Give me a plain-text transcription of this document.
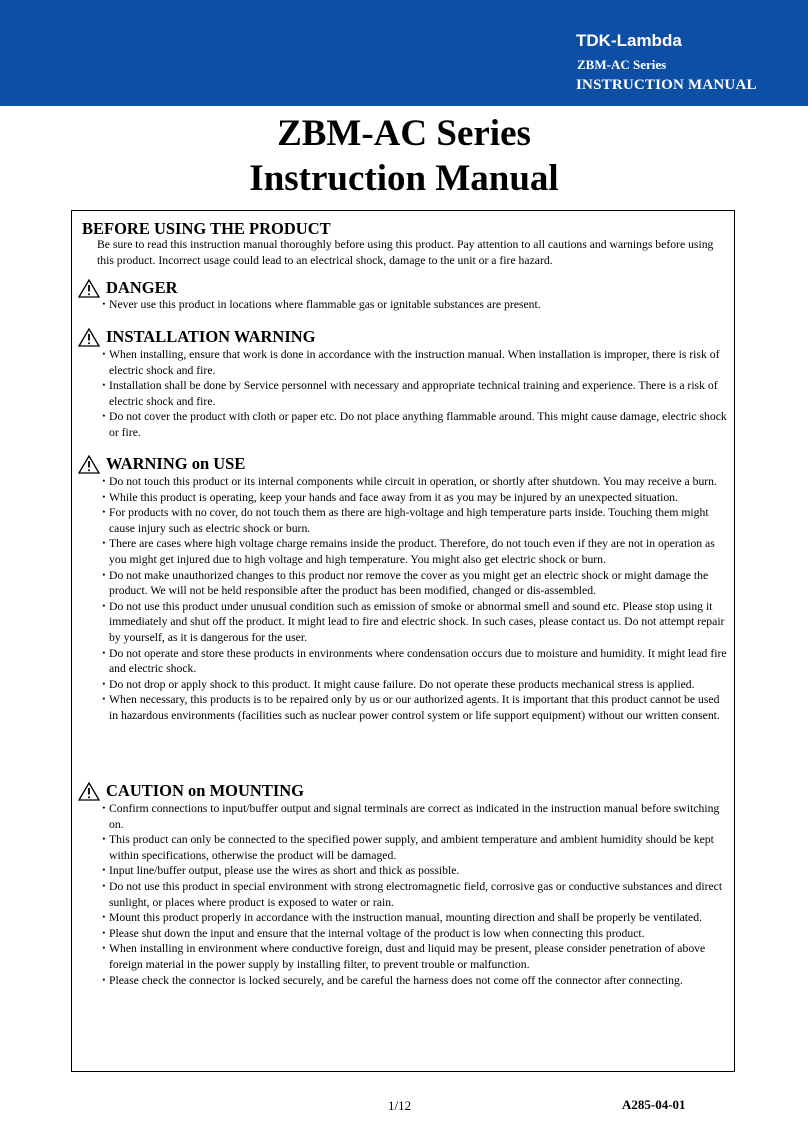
TDK-Lambda
ZBM-AC Series
INSTRUCTION MANUAL
ZBM-AC Series
Instruction Manual
BEFORE USING THE PRODUCT
Be sure to read this instruction manual thoroughly before using this product. Pay attention to all cautions and warnings before using this product. Incorrect usage could lead to an electrical shock, damage to the unit or a fire hazard.
DANGER
・ Never use this product in locations where flammable gas or ignitable substances are present.
INSTALLATION WARNING
・ When installing, ensure that work is done in accordance with the instruction manual. When installation is improper, there is risk of electric shock and fire.
・ Installation shall be done by Service personnel with necessary and appropriate technical training and experience. There is a risk of electric shock and fire.
・ Do not cover the product with cloth or paper etc. Do not place anything flammable around. This might cause damage, electric shock or fire.
WARNING on USE
・ Do not touch this product or its internal components while circuit in operation, or shortly after shutdown. You may receive a burn.
・ While this product is operating, keep your hands and face away from it as you may be injured by an unexpected situation.
・ For products with no cover, do not touch them as there are high-voltage and high temperature parts inside. Touching them might cause injury such as electric shock or burn.
・ There are cases where high voltage charge remains inside the product. Therefore, do not touch even if they are not in operation as you might get injured due to high voltage and high temperature. You might also get electric shock or burn.
・ Do not make unauthorized changes to this product nor remove the cover as you might get an electric shock or might damage the product. We will not be held responsible after the product has been modified, changed or dis-assembled.
・ Do not use this product under unusual condition such as emission of smoke or abnormal smell and sound etc. Please stop using it immediately and shut off the product. It might lead to fire and electric shock. In such cases, please contact us. Do not attempt repair by yourself, as it is dangerous for the user.
・ Do not operate and store these products in environments where condensation occurs due to moisture and humidity. It might lead fire and electric shock.
・ Do not drop or apply shock to this product. It might cause failure. Do not operate these products mechanical stress is applied.
・ When necessary, this products is to be repaired only by us or our authorized agents. It is important that this product cannot be used in hazardous environments (facilities such as nuclear power control system or life support equipment) without our written consent.
CAUTION on MOUNTING
・ Confirm connections to input/buffer output and signal terminals are correct as indicated in the instruction manual before switching on.
・ This product can only be connected to the specified power supply, and ambient temperature and ambient humidity should be kept within specifications, otherwise the product will be damaged.
・ Input line/buffer output, please use the wires as short and thick as possible.
・ Do not use this product in special environment with strong electromagnetic field, corrosive gas or conductive substances and direct sunlight, or places where product is exposed to water or rain.
・ Mount this product properly in accordance with the instruction manual, mounting direction and shall be properly be ventilated.
・ Please shut down the input and ensure that the internal voltage of the product is low when connecting this product.
・ When installing in environment where conductive foreign, dust and liquid may be present, please consider penetration of above foreign material in the power supply by installing filter, to prevent trouble or malfunction.
・ Please check the connector is locked securely, and be careful the harness does not come off the connector after connecting.
1/12	A285-04-01
